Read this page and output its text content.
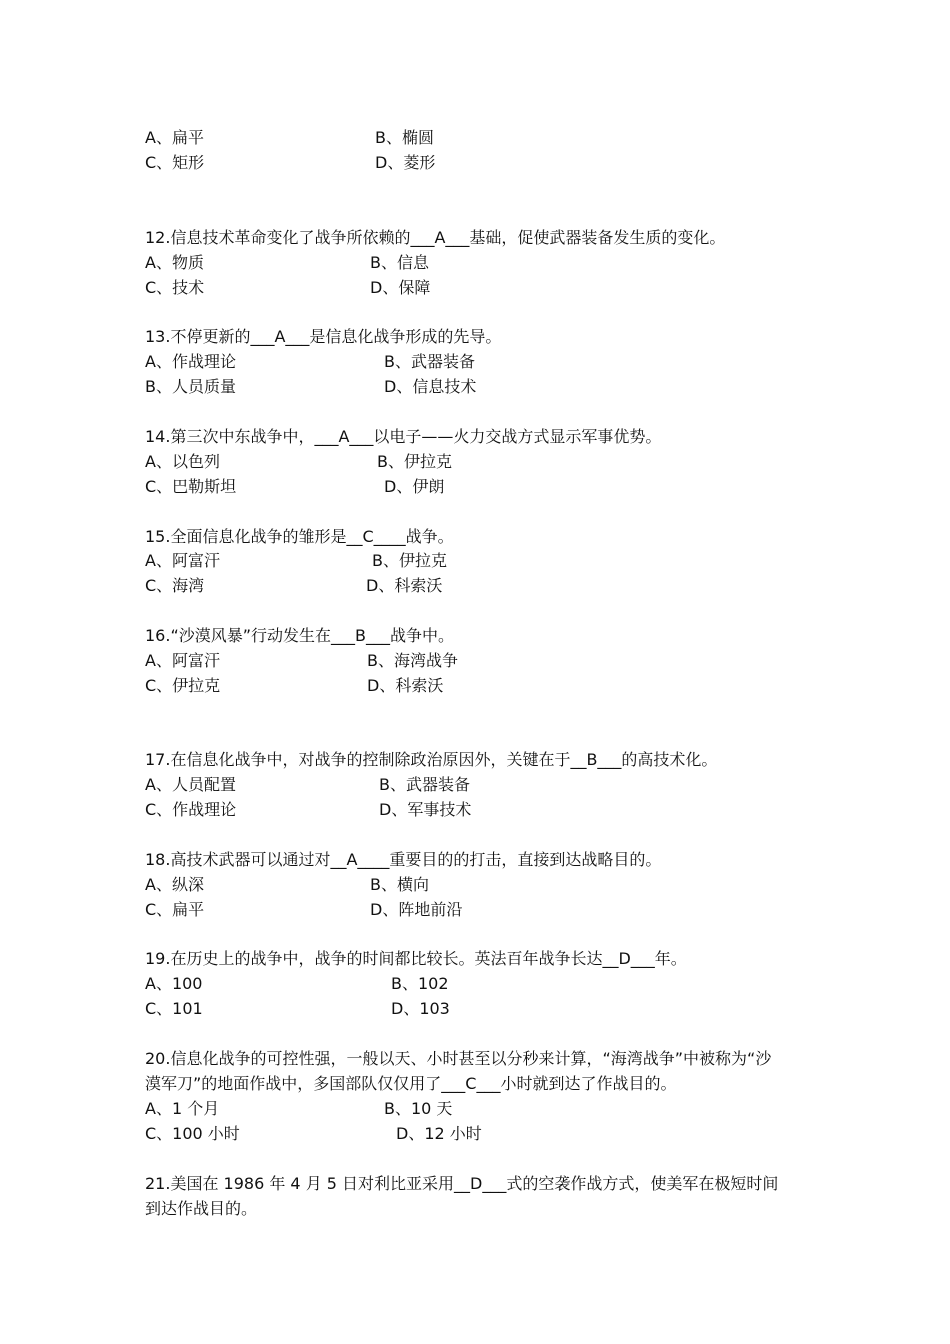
A、扁平	B、椭圆
C、矩形	D、菱形
12.信息技术革命变化了战争所依赖的___A___基础，促使武器装备发生质的变化。
A、物质	B、信息
C、技术	D、保障
13.不停更新的___A___是信息化战争形成的先导。
A、作战理论	B、武器装备
B、人员质量	D、信息技术
14.第三次中东战争中，___A___以电子——火力交战方式显示军事优势。
A、以色列	B、伊拉克
C、巴勒斯坦	D、伊朗
15.全面信息化战争的雏形是__C____战争。
A、阿富汗	B、伊拉克
C、海湾	D、科索沃
16.“沙漠风暴”行动发生在___B___战争中。
A、阿富汗	B、海湾战争
C、伊拉克	D、科索沃
17.在信息化战争中，对战争的控制除政治原因外，关键在于__B___的高技术化。
A、人员配置	B、武器装备
C、作战理论	D、军事技术
18.高技术武器可以通过对__A____重要目的的打击，直接到达战略目的。
A、纵深	B、横向
C、扁平	D、阵地前沿
19.在历史上的战争中，战争的时间都比较长。英法百年战争长达__D___年。
A、100	B、102
C、101	D、103
20.信息化战争的可控性强，一般以天、小时甚至以分秒来计算，“海湾战争”中被称为“沙
漠军刀”的地面作战中，多国部队仅仅用了___C___小时就到达了作战目的。
A、1 个月	B、10 天
C、100 小时	D、12 小时
21.美国在 1986 年 4 月 5 日对利比亚采用__D___式的空袭作战方式，使美军在极短时间
到达作战目的。
